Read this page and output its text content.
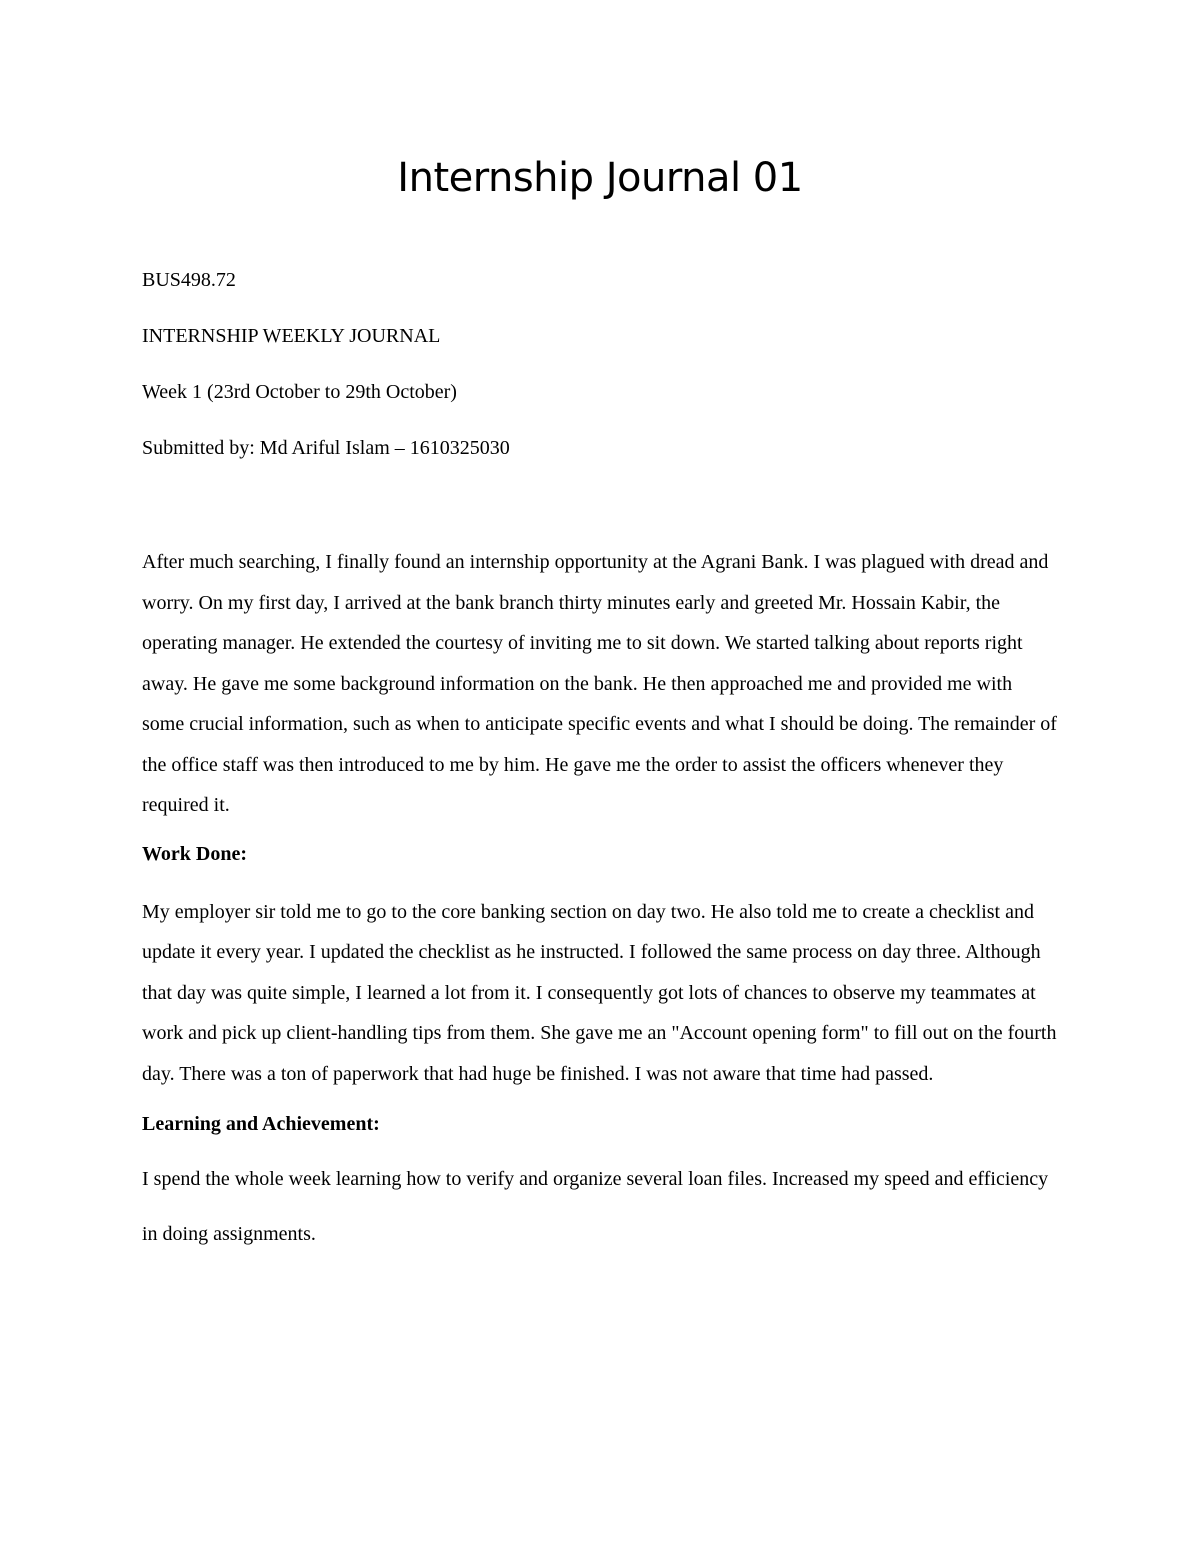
Internship Journal 01

BUS498.72

INTERNSHIP WEEKLY JOURNAL

Week 1 (23rd October to 29th October)

Submitted by: Md Ariful Islam – 1610325030

After much searching, I finally found an internship opportunity at the Agrani Bank. I was plagued with dread and worry. On my first day, I arrived at the bank branch thirty minutes early and greeted Mr. Hossain Kabir, the operating manager. He extended the courtesy of inviting me to sit down. We started talking about reports right away. He gave me some background information on the bank. He then approached me and provided me with some crucial information, such as when to anticipate specific events and what I should be doing. The remainder of the office staff was then introduced to me by him. He gave me the order to assist the officers whenever they required it.

Work Done:

My employer sir told me to go to the core banking section on day two. He also told me to create a checklist and update it every year. I updated the checklist as he instructed. I followed the same process on day three. Although that day was quite simple, I learned a lot from it. I consequently got lots of chances to observe my teammates at work and pick up client-handling tips from them. She gave me an "Account opening form" to fill out on the fourth day. There was a ton of paperwork that had huge be finished. I was not aware that time had passed.

Learning and Achievement:

I spend the whole week learning how to verify and organize several loan files. Increased my speed and efficiency in doing assignments.
